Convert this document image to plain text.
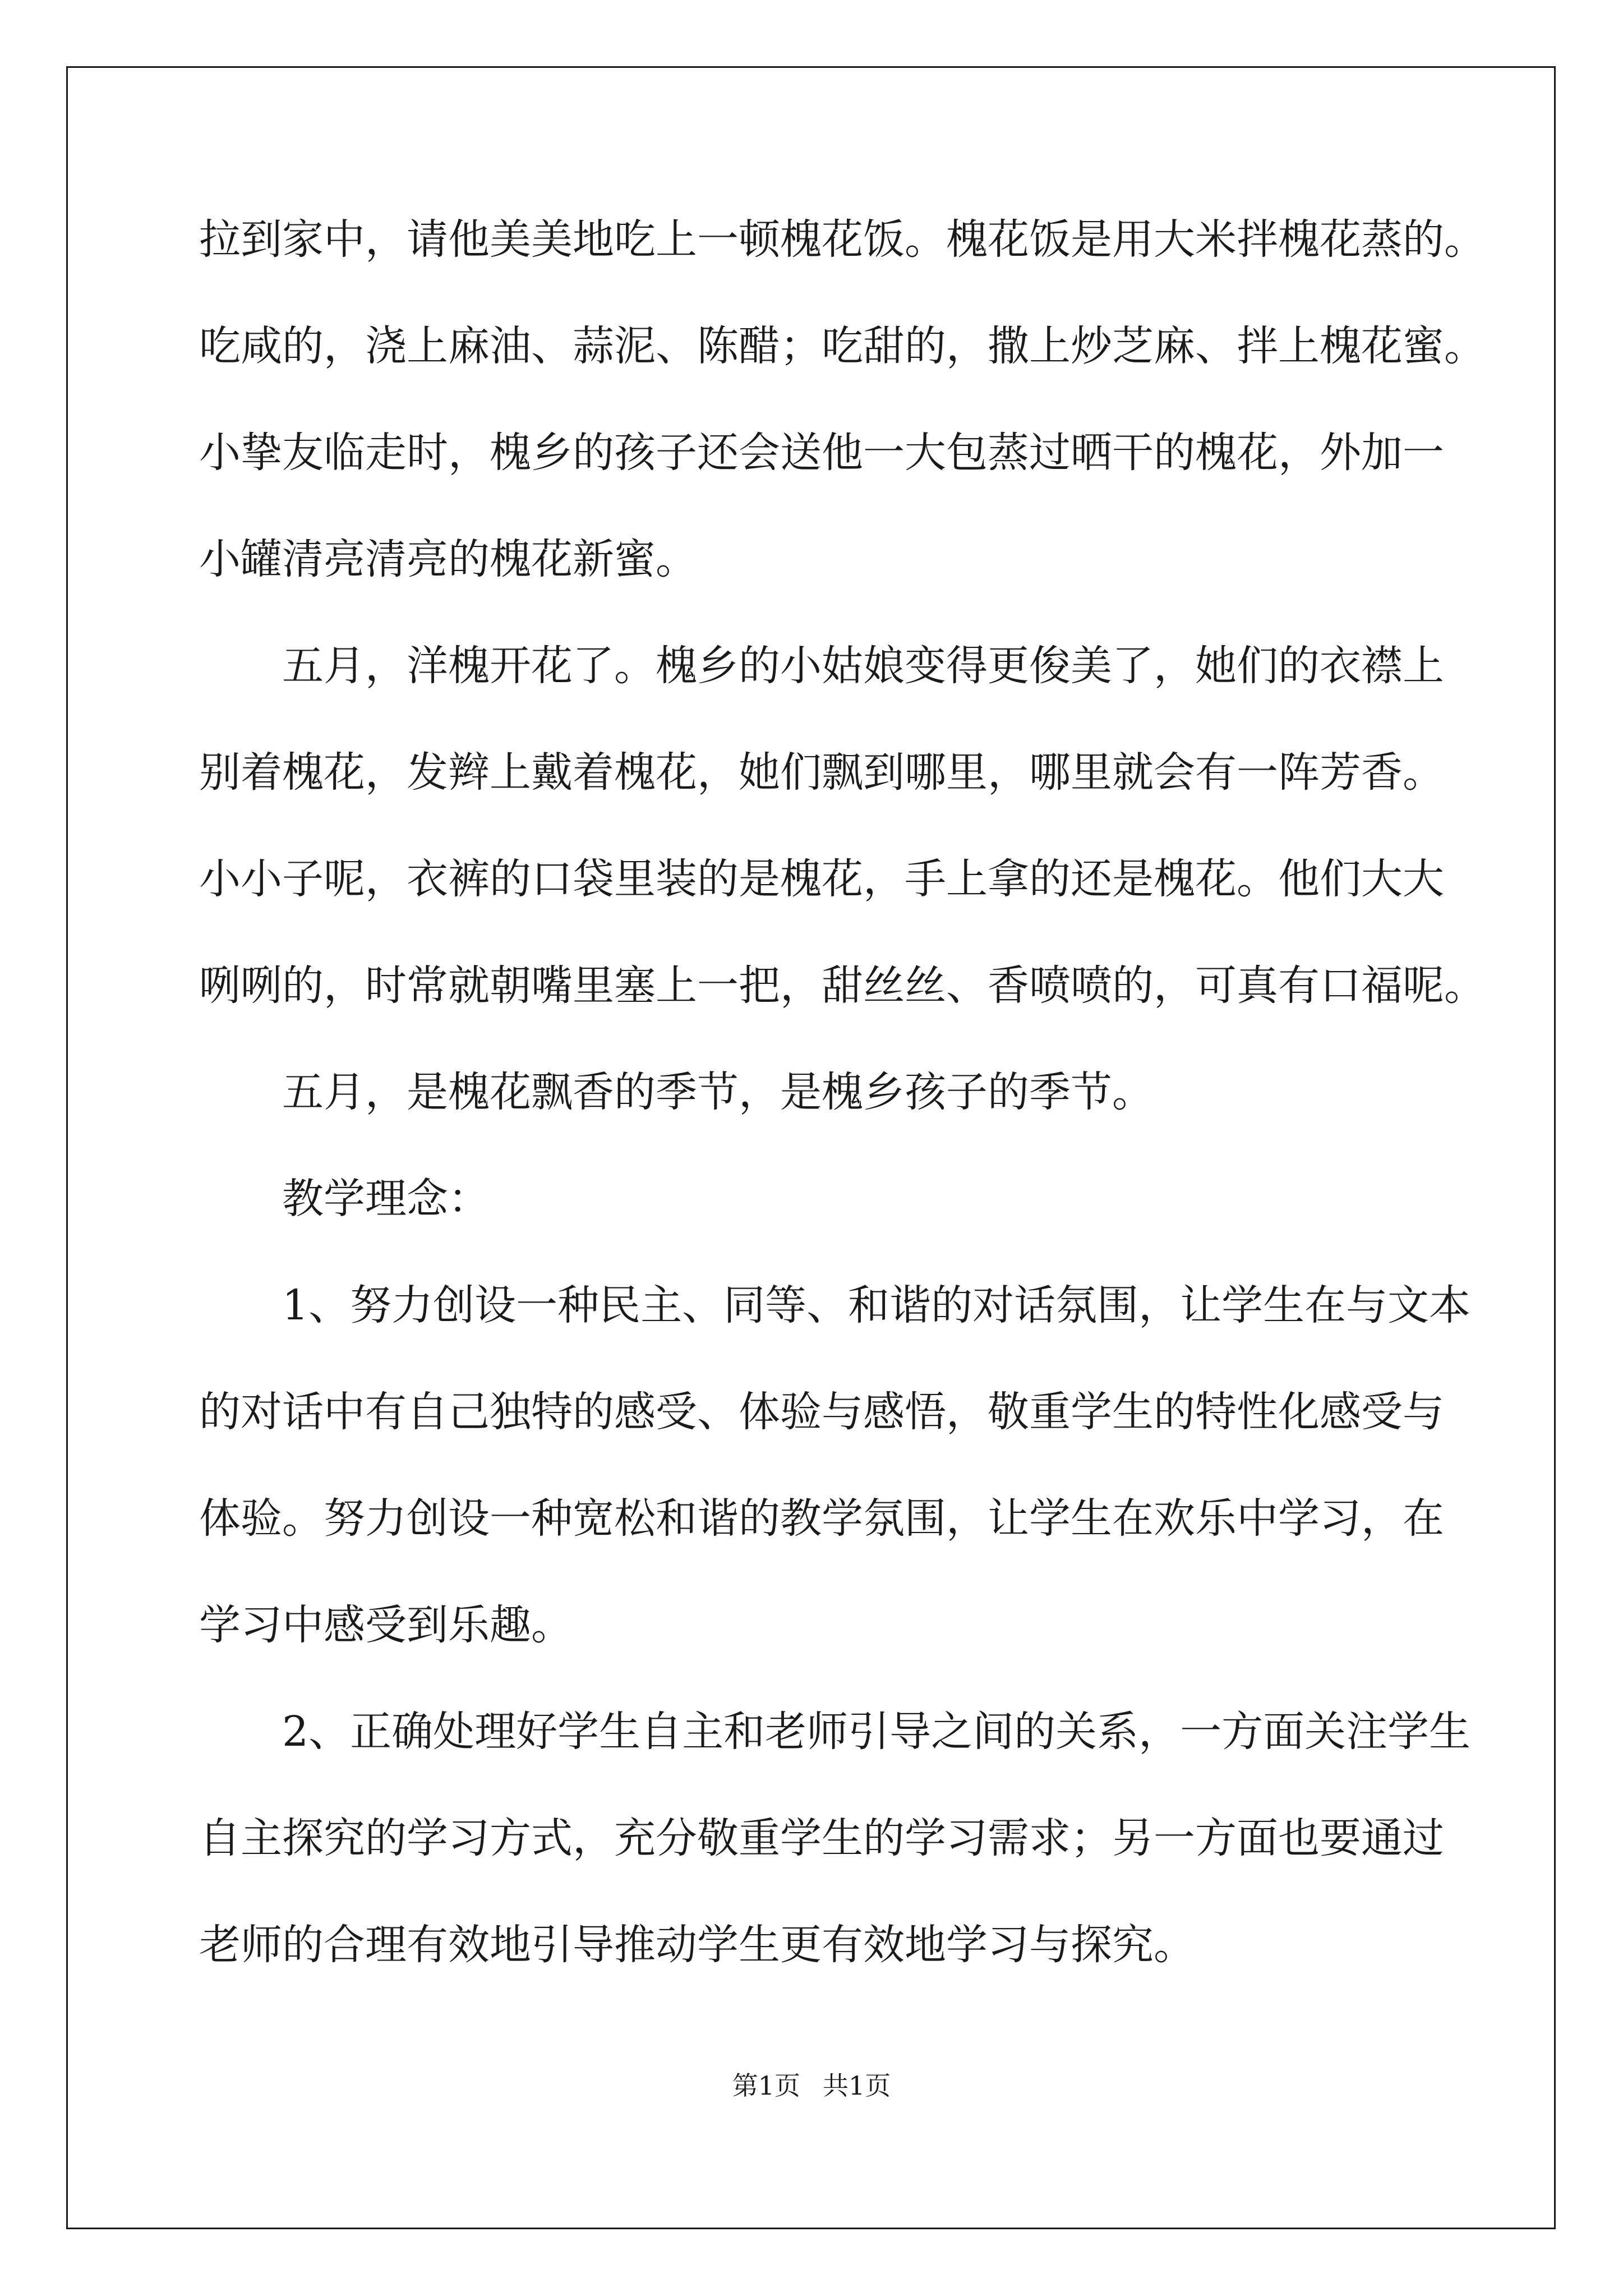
拉到家中，请他美美地吃上一顿槐花饭。槐花饭是用大米拌槐花蒸的。
吃咸的，浇上麻油、蒜泥、陈醋；吃甜的，撒上炒芝麻、拌上槐花蜜。
小挚友临走时，槐乡的孩子还会送他一大包蒸过晒干的槐花，外加一
小罐清亮清亮的槐花新蜜。
五月，洋槐开花了。槐乡的小姑娘变得更俊美了，她们的衣襟上
别着槐花，发辫上戴着槐花，她们飘到哪里，哪里就会有一阵芳香。
小小子呢，衣裤的口袋里装的是槐花，手上拿的还是槐花。他们大大
咧咧的，时常就朝嘴里塞上一把，甜丝丝、香喷喷的，可真有口福呢。
五月，是槐花飘香的季节，是槐乡孩子的季节。
教学理念：
1、努力创设一种民主、同等、和谐的对话氛围，让学生在与文本
的对话中有自己独特的感受、体验与感悟，敬重学生的特性化感受与
体验。努力创设一种宽松和谐的教学氛围，让学生在欢乐中学习，在
学习中感受到乐趣。
2、正确处理好学生自主和老师引导之间的关系，一方面关注学生
自主探究的学习方式，充分敬重学生的学习需求；另一方面也要通过
老师的合理有效地引导推动学生更有效地学习与探究。
第1页 共1页
